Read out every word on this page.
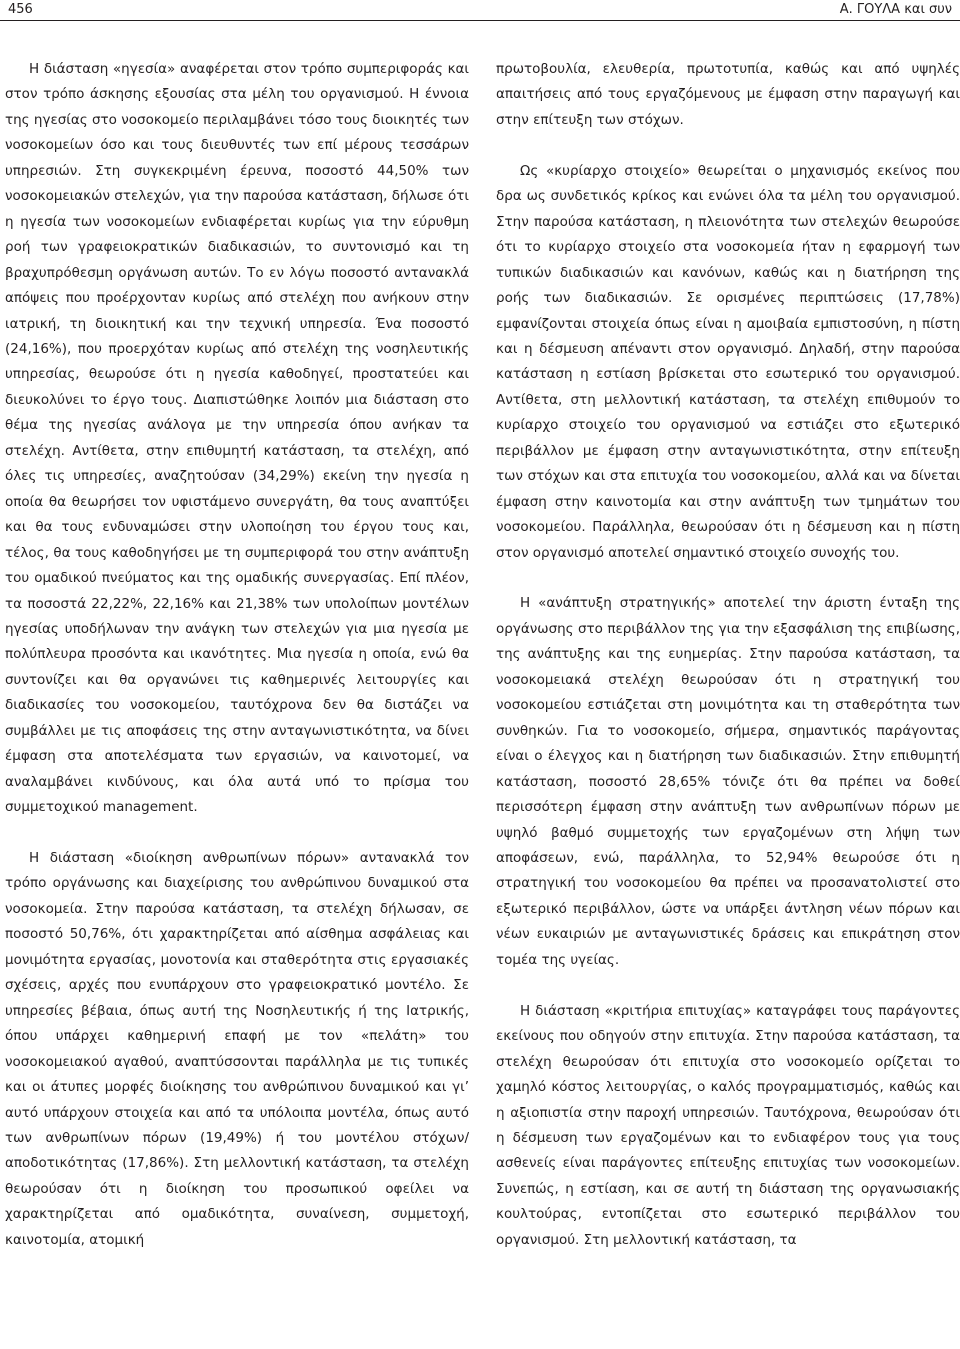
456	Α. ΓΟΥΛΑ και συν

Η διάσταση «ηγεσία» αναφέρεται στον τρόπο συμπεριφοράς και στον τρόπο άσκησης εξουσίας στα μέλη του οργανισμού. Η έννοια της ηγεσίας στο νοσοκομείο περιλαμβάνει τόσο τους διοικητές των νοσοκομείων όσο και τους διευθυντές των επί μέρους τεσσάρων υπηρεσιών. Στη συγκεκριμένη έρευνα, ποσοστό 44,50% των νοσοκομειακών στελεχών, για την παρούσα κατάσταση, δήλωσε ότι η ηγεσία των νοσοκομείων ενδιαφέρεται κυρίως για την εύρυθμη ροή των γραφειοκρατικών διαδικασιών, το συντονισμό και τη βραχυπρόθεσμη οργάνωση αυτών. Το εν λόγω ποσοστό αντανακλά απόψεις που προέρχονταν κυρίως από στελέχη που ανήκουν στην ιατρική, τη διοικητική και την τεχνική υπηρεσία. Ένα ποσοστό (24,16%), που προερχόταν κυρίως από στελέχη της νοσηλευτικής υπηρεσίας, θεωρούσε ότι η ηγεσία καθοδηγεί, προστατεύει και διευκολύνει το έργο τους. Διαπιστώθηκε λοιπόν μια διάσταση στο θέμα της ηγεσίας ανάλογα με την υπηρεσία όπου ανήκαν τα στελέχη. Αντίθετα, στην επιθυμητή κατάσταση, τα στελέχη, από όλες τις υπηρεσίες, αναζητούσαν (34,29%) εκείνη την ηγεσία η οποία θα θεωρήσει τον υφιστάμενο συνεργάτη, θα τους αναπτύξει και θα τους ενδυναμώσει στην υλοποίηση του έργου τους και, τέλος, θα τους καθοδηγήσει με τη συμπεριφορά του στην ανάπτυξη του ομαδικού πνεύματος και της ομαδικής συνεργασίας. Επί πλέον, τα ποσοστά 22,22%, 22,16% και 21,38% των υπολοίπων μοντέλων ηγεσίας υποδήλωναν την ανάγκη των στελεχών για μια ηγεσία με πολύπλευρα προσόντα και ικανότητες. Μια ηγεσία η οποία, ενώ θα συντονίζει και θα οργανώνει τις καθημερινές λειτουργίες και διαδικασίες του νοσοκομείου, ταυτόχρονα δεν θα διστάζει να συμβάλλει με τις αποφάσεις της στην ανταγωνιστικότητα, να δίνει έμφαση στα αποτελέσματα των εργασιών, να καινοτομεί, να αναλαμβάνει κινδύνους, και όλα αυτά υπό το πρίσμα του συμμετοχικού management.

Η διάσταση «διοίκηση ανθρωπίνων πόρων» αντανακλά τον τρόπο οργάνωσης και διαχείρισης του ανθρώπινου δυναμικού στα νοσοκομεία. Στην παρούσα κατάσταση, τα στελέχη δήλωσαν, σε ποσοστό 50,76%, ότι χαρακτηρίζεται από αίσθημα ασφάλειας και μονιμότητα εργασίας, μονοτονία και σταθερότητα στις εργασιακές σχέσεις, αρχές που ενυπάρχουν στο γραφειοκρατικό μοντέλο. Σε υπηρεσίες βέβαια, όπως αυτή της Νοσηλευτικής ή της Ιατρικής, όπου υπάρχει καθημερινή επαφή με τον «πελάτη» του νοσοκομειακού αγαθού, αναπτύσσονται παράλληλα με τις τυπικές και οι άτυπες μορφές διοίκησης του ανθρώπινου δυναμικού και γι’ αυτό υπάρχουν στοιχεία και από τα υπόλοιπα μοντέλα, όπως αυτό των ανθρωπίνων πόρων (19,49%) ή του μοντέλου στόχων/αποδοτικότητας (17,86%). Στη μελλοντική κατάσταση, τα στελέχη θεωρούσαν ότι η διοίκηση του προσωπικού οφείλει να χαρακτηρίζεται από ομαδικότητα, συναίνεση, συμμετοχή, καινοτομία, ατομική

πρωτοβουλία, ελευθερία, πρωτοτυπία, καθώς και από υψηλές απαιτήσεις από τους εργαζόμενους με έμφαση στην παραγωγή και στην επίτευξη των στόχων.

Ως «κυρίαρχο στοιχείο» θεωρείται ο μηχανισμός εκείνος που δρα ως συνδετικός κρίκος και ενώνει όλα τα μέλη του οργανισμού. Στην παρούσα κατάσταση, η πλειονότητα των στελεχών θεωρούσε ότι το κυρίαρχο στοιχείο στα νοσοκομεία ήταν η εφαρμογή των τυπικών διαδικασιών και κανόνων, καθώς και η διατήρηση της ροής των διαδικασιών. Σε ορισμένες περιπτώσεις (17,78%) εμφανίζονται στοιχεία όπως είναι η αμοιβαία εμπιστοσύνη, η πίστη και η δέσμευση απέναντι στον οργανισμό. Δηλαδή, στην παρούσα κατάσταση η εστίαση βρίσκεται στο εσωτερικό του οργανισμού. Αντίθετα, στη μελλοντική κατάσταση, τα στελέχη επιθυμούν το κυρίαρχο στοιχείο του οργανισμού να εστιάζει στο εξωτερικό περιβάλλον με έμφαση στην ανταγωνιστικότητα, στην επίτευξη των στόχων και στα επιτυχία του νοσοκομείου, αλλά και να δίνεται έμφαση στην καινοτομία και στην ανάπτυξη των τμημάτων του νοσοκομείου. Παράλληλα, θεωρούσαν ότι η δέσμευση και η πίστη στον οργανισμό αποτελεί σημαντικό στοιχείο συνοχής του.

Η «ανάπτυξη στρατηγικής» αποτελεί την άριστη ένταξη της οργάνωσης στο περιβάλλον της για την εξασφάλιση της επιβίωσης, της ανάπτυξης και της ευημερίας. Στην παρούσα κατάσταση, τα νοσοκομειακά στελέχη θεωρούσαν ότι η στρατηγική του νοσοκομείου εστιάζεται στη μονιμότητα και τη σταθερότητα των συνθηκών. Για το νοσοκομείο, σήμερα, σημαντικός παράγοντας είναι ο έλεγχος και η διατήρηση των διαδικασιών. Στην επιθυμητή κατάσταση, ποσοστό 28,65% τόνιζε ότι θα πρέπει να δοθεί περισσότερη έμφαση στην ανάπτυξη των ανθρωπίνων πόρων με υψηλό βαθμό συμμετοχής των εργαζομένων στη λήψη των αποφάσεων, ενώ, παράλληλα, το 52,94% θεωρούσε ότι η στρατηγική του νοσοκομείου θα πρέπει να προσανατολιστεί στο εξωτερικό περιβάλλον, ώστε να υπάρξει άντληση νέων πόρων και νέων ευκαιριών με ανταγωνιστικές δράσεις και επικράτηση στον τομέα της υγείας.

Η διάσταση «κριτήρια επιτυχίας» καταγράφει τους παράγοντες εκείνους που οδηγούν στην επιτυχία. Στην παρούσα κατάσταση, τα στελέχη θεωρούσαν ότι επιτυχία στο νοσοκομείο ορίζεται το χαμηλό κόστος λειτουργίας, ο καλός προγραμματισμός, καθώς και η αξιοπιστία στην παροχή υπηρεσιών. Ταυτόχρονα, θεωρούσαν ότι η δέσμευση των εργαζομένων και το ενδιαφέρον τους για τους ασθενείς είναι παράγοντες επίτευξης επιτυχίας των νοσοκομείων. Συνεπώς, η εστίαση, και σε αυτή τη διάσταση της οργανωσιακής κουλτούρας, εντοπίζεται στο εσωτερικό περιβάλλον του οργανισμού. Στη μελλοντική κατάσταση, τα
